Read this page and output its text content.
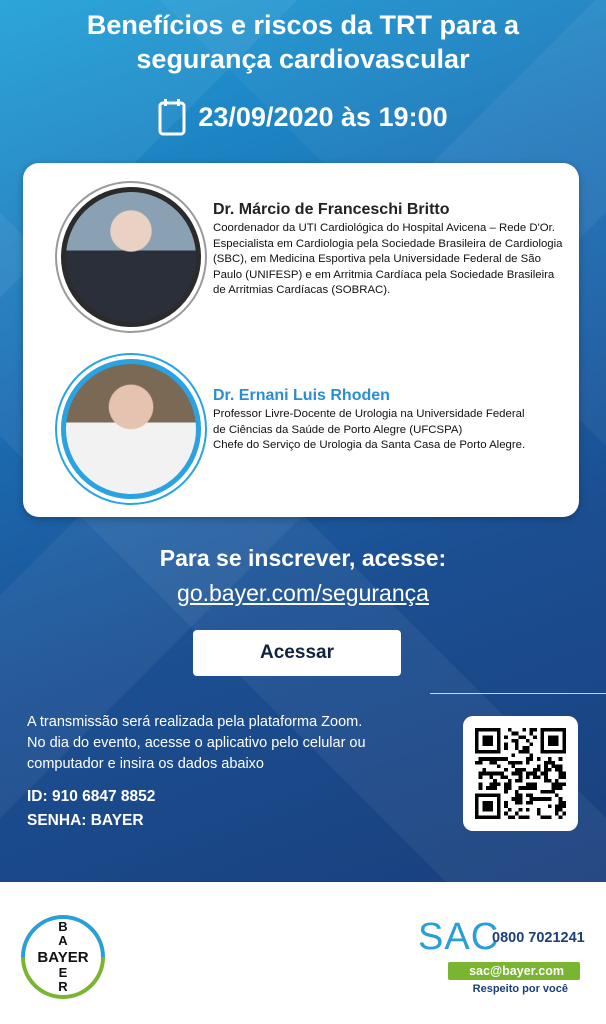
Benefícios e riscos da TRT para a
segurança cardiovascular
23/09/2020 às 19:00
Dr. Márcio de Franceschi Britto
Coordenador da UTI Cardiológica do Hospital Avicena – Rede D'Or. Especialista em Cardiologia pela Sociedade Brasileira de Cardiologia (SBC), em Medicina Esportiva pela Universidade Federal de São Paulo (UNIFESP) e em Arritmia Cardíaca pela Sociedade Brasileira de Arritmias Cardíacas (SOBRAC).
Dr. Ernani Luis Rhoden
Professor Livre-Docente de Urologia na Universidade Federal
de Ciências da Saúde de Porto Alegre (UFCSPA)
Chefe do Serviço de Urologia da Santa Casa de Porto Alegre.
Para se inscrever, acesse:
go.bayer.com/segurança
Acessar
A transmissão será realizada pela plataforma Zoom.
No dia do evento, acesse o aplicativo pelo celular ou
computador e insira os dados abaixo
ID: 910 6847 8852
SENHA: BAYER
B A E R
BAYER	SAC
0800 7021241
sac@bayer.com
Respeito por você
